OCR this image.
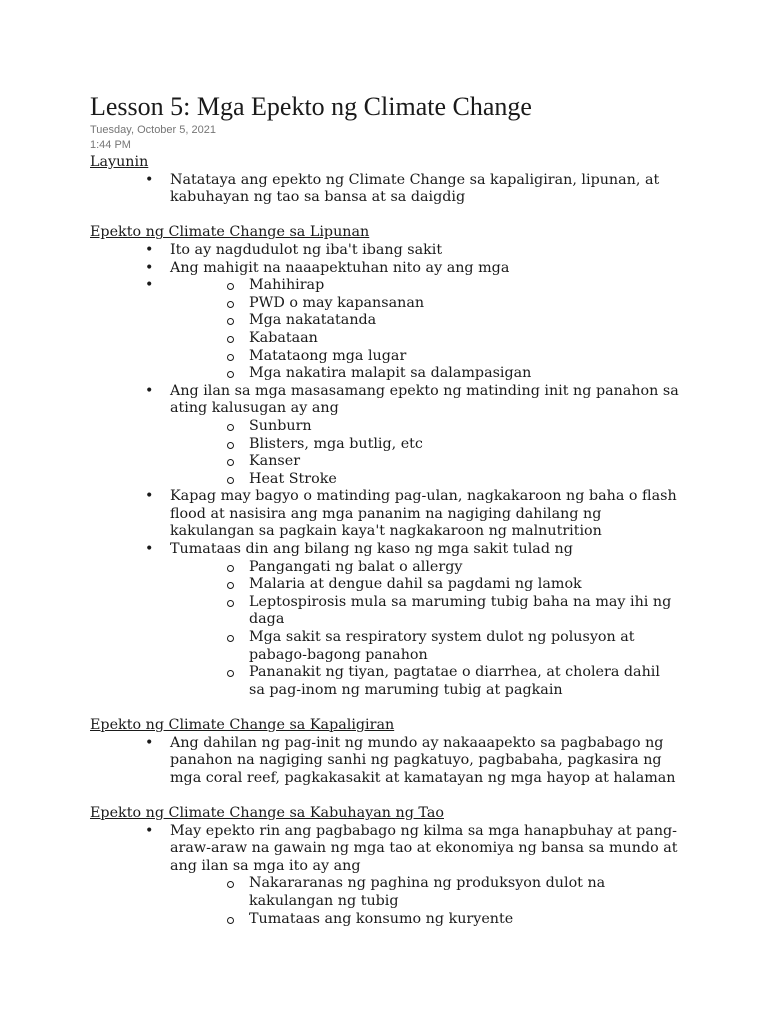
Lesson 5: Mga Epekto ng Climate Change
Tuesday, October 5, 2021
1:44 PM
Layunin
• Natataya ang epekto ng Climate Change sa kapaligiran, lipunan, at kabuhayan ng tao sa bansa at sa daigdig
Epekto ng Climate Change sa Lipunan
• Ito ay nagdudulot ng iba't ibang sakit
• Ang mahigit na naaapektuhan nito ay ang mga
• Mahihirap
PWD o may kapansanan
Mga nakatatanda
Kabataan
Matataong mga lugar
Mga nakatira malapit sa dalampasigan
• Ang ilan sa mga masasamang epekto ng matinding init ng panahon sa ating kalusugan ay ang
Sunburn
Blisters, mga butlig, etc
Kanser
Heat Stroke
• Kapag may bagyo o matinding pag-ulan, nagkakaroon ng baha o flash flood at nasisira ang mga pananim na nagiging dahilang ng kakulangan sa pagkain kaya't nagkakaroon ng malnutrition
• Tumataas din ang bilang ng kaso ng mga sakit tulad ng
Pangangati ng balat o allergy
Malaria at dengue dahil sa pagdami ng lamok
Leptospirosis mula sa maruming tubig baha na may ihi ng daga
Mga sakit sa respiratory system dulot ng polusyon at pabago-bagong panahon
Pananakit ng tiyan, pagtatae o diarrhea, at cholera dahil sa pag-inom ng maruming tubig at pagkain
Epekto ng Climate Change sa Kapaligiran
• Ang dahilan ng pag-init ng mundo ay nakaaapekto sa pagbabago ng panahon na nagiging sanhi ng pagkatuyo, pagbabaha, pagkasira ng mga coral reef, pagkakasakit at kamatayan ng mga hayop at halaman
Epekto ng Climate Change sa Kabuhayan ng Tao
• May epekto rin ang pagbabago ng kilma sa mga hanapbuhay at pang-araw-araw na gawain ng mga tao at ekonomiya ng bansa sa mundo at ang ilan sa mga ito ay ang
Nakararanas ng paghina ng produksyon dulot na kakulangan ng tubig
Tumataas ang konsumo ng kuryente
